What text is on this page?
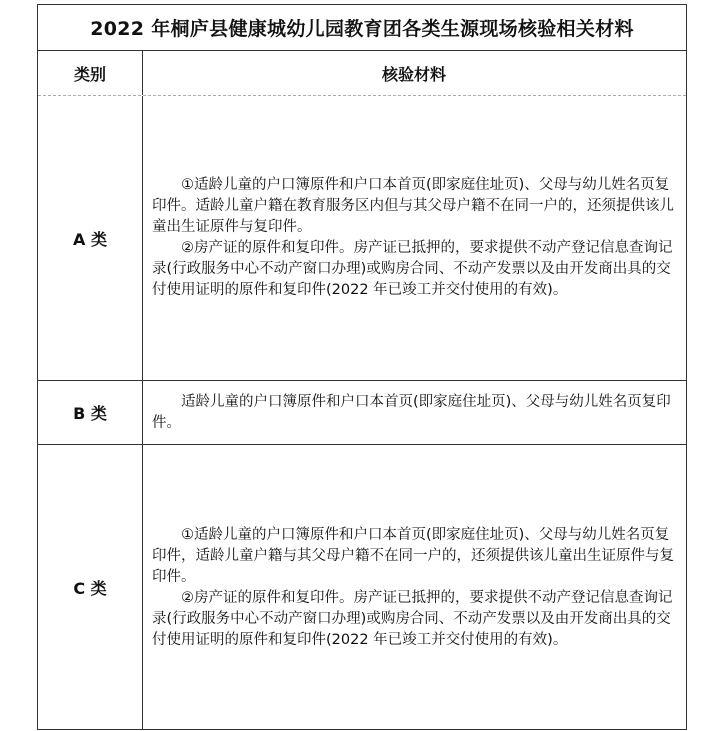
2022 年桐庐县健康城幼儿园教育团各类生源现场核验相关材料
类别	核验材料
A 类

①适龄儿童的户口簿原件和户口本首页(即家庭住址页)、父母与幼儿姓名页复印件。适龄儿童户籍在教育服务区内但与其父母户籍不在同一户的，还须提供该儿童出生证原件与复印件。

②房产证的原件和复印件。房产证已抵押的，要求提供不动产登记信息查询记录(行政服务中心不动产窗口办理)或购房合同、不动产发票以及由开发商出具的交付使用证明的原件和复印件(2022 年已竣工并交付使用的有效)。

B 类

适龄儿童的户口簿原件和户口本首页(即家庭住址页)、父母与幼儿姓名页复印件。

C 类

①适龄儿童的户口簿原件和户口本首页(即家庭住址页)、父母与幼儿姓名页复印件，适龄儿童户籍与其父母户籍不在同一户的，还须提供该儿童出生证原件与复印件。

②房产证的原件和复印件。房产证已抵押的，要求提供不动产登记信息查询记录(行政服务中心不动产窗口办理)或购房合同、不动产发票以及由开发商出具的交付使用证明的原件和复印件(2022 年已竣工并交付使用的有效)。
